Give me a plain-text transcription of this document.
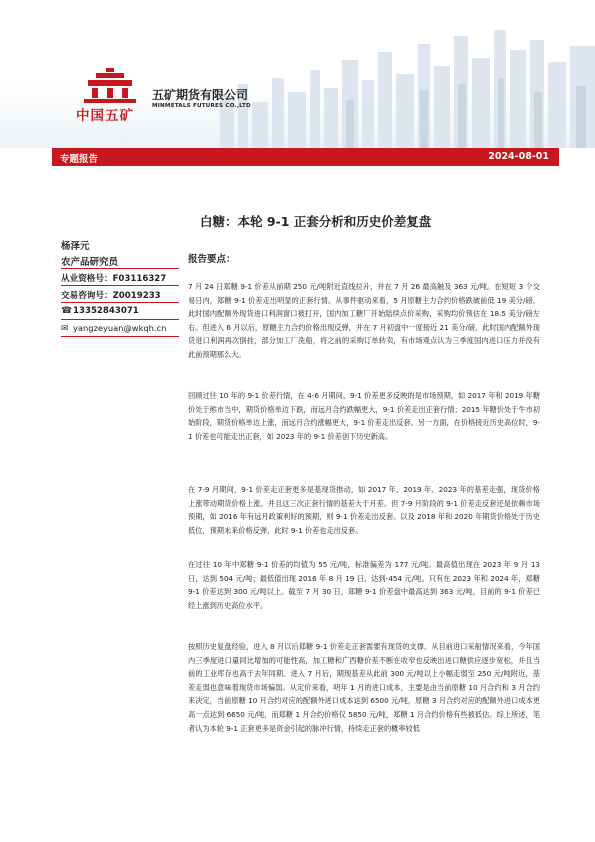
中国五矿
五矿期货有限公司
MINMETALS FUTURES CO.,LTD
专题报告	2024-08-01
白糖：本轮 9-1 正套分析和历史价差复盘
杨泽元
农产品研究员
从业资格号：F03116327
交易咨询号：Z0019233
☎13352843071
✉ yangzeyuan@wkqh.cn
报告要点：

7 月 24 日郑糖 9-1 价差从前期 250 元/吨附近直线拉升，并在 7 月 26 最高触及 363 元/吨。在短短 3 个交易日内，郑糖 9-1 价差走出明显的正套行情。从事件驱动来看，5 月原糖主力合约价格跌破前低 19 美分/磅，此时国内配额外现货进口利润窗口被打开，国内加工糖厂开始陆续点价采购，采购均价预估在 18.5 美分/磅左右。但进入 6 月以后，原糖主力合约价格出现反弹，并在 7 月初盘中一度接近 21 美分/磅，此时国内配额外现货进口利润再次倒挂，部分加工厂洗船，将之前的采购订单转卖，有市场观点认为三季度国内进口压力并没有此前预期那么大。

回顾过往 10 年的 9-1 价差行情，在 4-6 月期间，9-1 价差更多反映的是市场预期，如 2017 年和 2019 年糖价处于熊市当中，期货价格单边下跌，而远月合约跌幅更大，9-1 价差走出正套行情；2015 年糖价处于牛市初始阶段，期货价格单边上涨，而远月合约涨幅更大，9-1 价差走出反套。另一方面，在价格接近历史高位时，9-1 价差也可能走出正套，如 2023 年的 9-1 价差创下历史新高。

在 7-9 月期间，9-1 价差走正套更多是基现货推动，如 2017 年、2019 年、2023 年的基差走强，现货价格上涨带动期货价格上涨。并且这三次正套行情的基差大于月差。但 7-9 月阶段的 9-1 价差走反套还是依赖市场预期，如 2016 年有远月政策利好的预期，则 9-1 价差走出反套。以及 2018 年和 2020 年期货价格处于历史低位，预期未来价格反弹，此时 9-1 价差也走出反套。

在过往 10 年中郑糖 9-1 价差的均值为 55 元/吨，标准偏差为 177 元/吨。最高值出现在 2023 年 9 月 13 日，达到 504 元/吨；最低值出现 2016 年 8 月 19 日，达到-454 元/吨。只有在 2023 年和 2024 年，郑糖 9-1 价差达到 300 元/吨以上。截至 7 月 30 日，郑糖 9-1 价差盘中最高达到 363 元/吨，目前的 9-1 价差已经上涨到历史高位水平。

按照历史复盘经验，进入 8 月以后郑糖 9-1 价差走正套需要有现货的支撑。从目前进口采船情况来看，今年国内三季度进口量同比增加的可能性高，加工糖和广西糖价差不断在收窄也反映出进口糖供应逐步宽松，并且当前的工业库存也高于去年同期。进入 7 月后，期现基差从此前 300 元/吨以上小幅走弱至 250 元/吨附近，基差走弱也意味着现货市场偏弱。从定价来看，明年 1 月的进口成本，主要是由当前原糖 10 月合约和 3 月合约来决定，当前原糖 10 月合约对应的配额外进口成本达到 6500 元/吨，原糖 3 月合约对应的配额外进口成本更高一点达到 6650 元/吨，而郑糖 1 月合约价格仅 5850 元/吨，郑糖 1 月合约价格有些被低估。综上所述，笔者认为本轮 9-1 正套更多是资金引起的脉冲行情，持续走正套的概率较低
